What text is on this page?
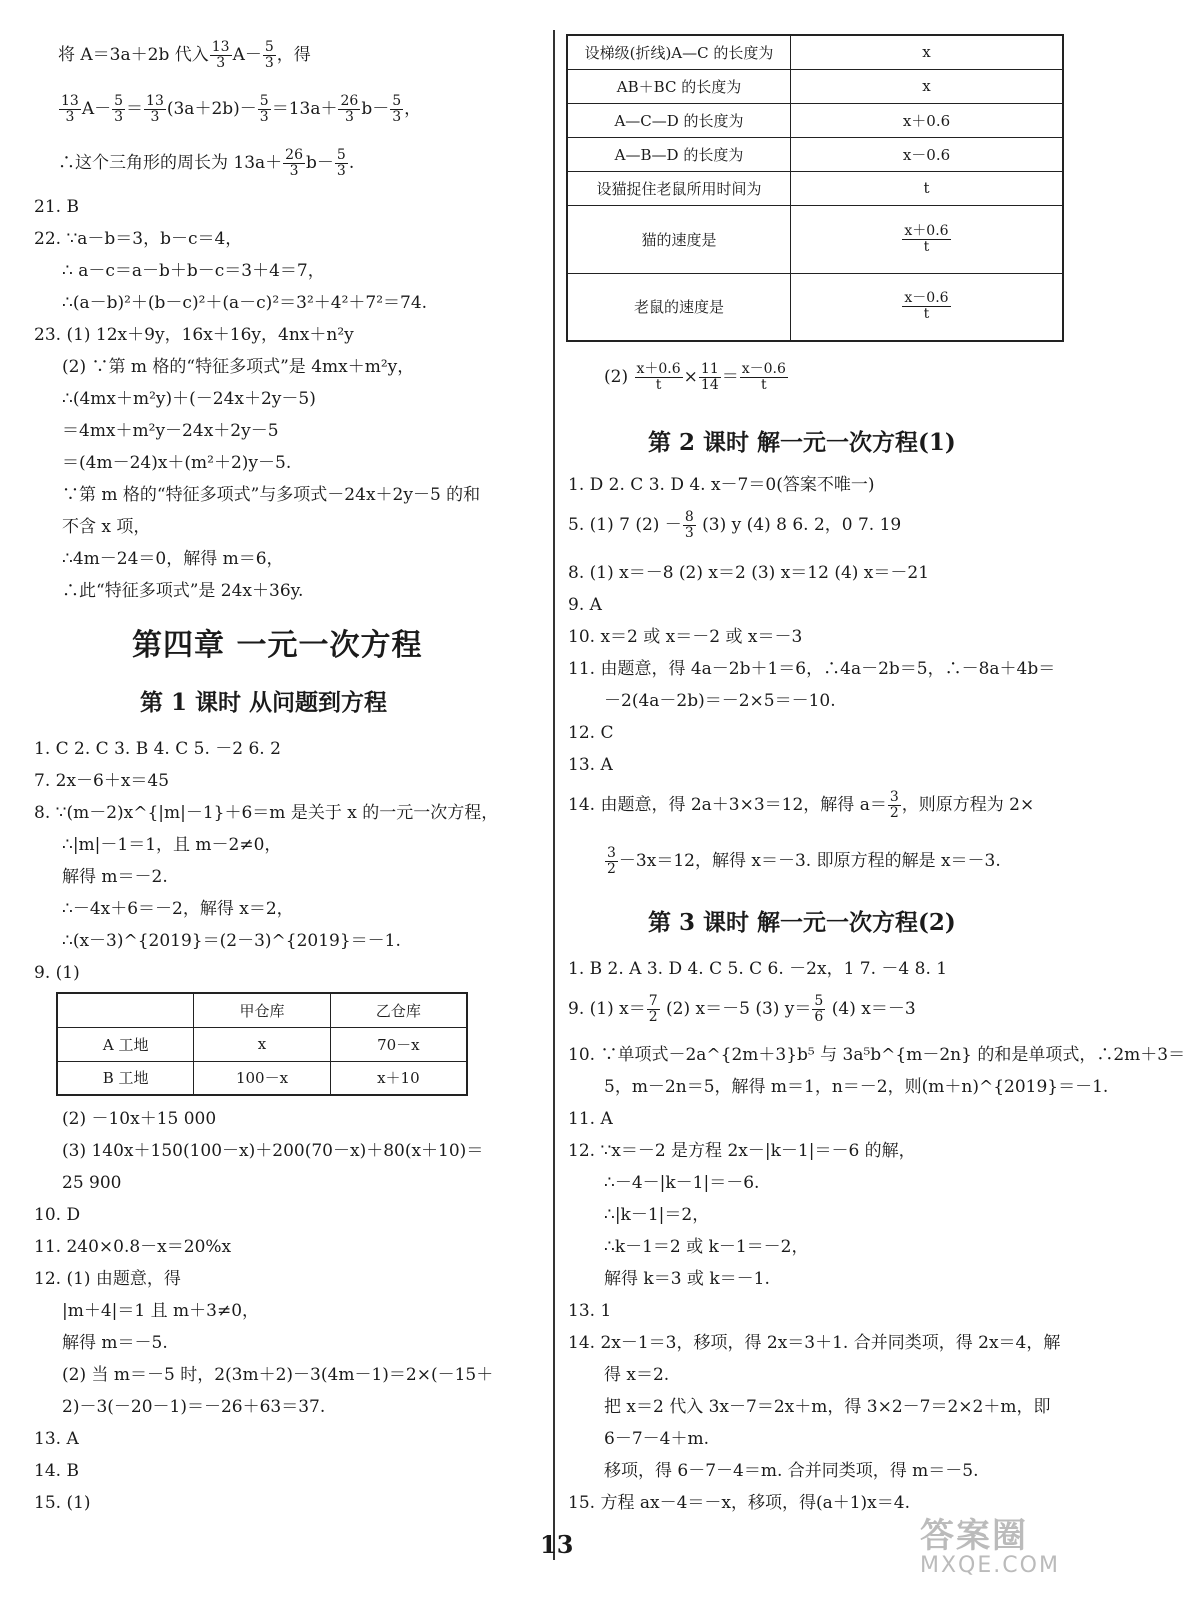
将 A＝3a＋2b 代入 $\frac{13}{3} A- \frac{5}{3}$ ，得
$\frac{13}{3} A- \frac{5}{3} = \frac{13}{3} (3a+2b)- \frac{5}{3} =13a+ \frac{26}{3} b- \frac{5}{3}$ ，
∴这个三角形的周长为 $13a+ \frac{26}{3} b- \frac{5}{3}$ .
21. B
22. ∵a－b＝3，b－c＝4，
∴ a－c＝a－b＋b－c＝3＋4＝7，
∴(a－b)²＋(b－c)²＋(a－c)²＝3²＋4²＋7²＝74.
23. (1) 12x＋9y，16x＋16y，4nx＋n²y
(2) ∵第 m 格的“特征多项式”是 4mx＋m²y，
∴(4mx＋m²y)＋(－24x＋2y－5)
＝4mx＋m²y－24x＋2y－5
＝(4m－24)x＋(m²＋2)y－5.
∵第 m 格的“特征多项式”与多项式－24x＋2y－5 的和
不含 x 项，
∴4m－24＝0，解得 m＝6，
∴此“特征多项式”是 24x＋36y.
第四章 一元一次方程
第 1 课时 从问题到方程
1. C 2. C 3. B 4. C 5. －2 6. 2
7. 2x－6＋x＝45
8. ∵(m－2)x^{|m|－1}＋6＝m 是关于 x 的一元一次方程，
∴|m|－1＝1，且 m－2≠0，
解得 m＝－2.
∴－4x＋6＝－2，解得 x＝2，
∴(x－3)^{2019}＝(2－3)^{2019}＝－1.
9. (1)
	甲仓库	乙仓库
A 工地	x	70－x
B 工地	100－x	x＋10
(2) －10x＋15 000
(3) 140x＋150(100－x)＋200(70－x)＋80(x＋10)＝
25 900
10. D
11. 240×0.8－x＝20%x
12. (1) 由题意，得
|m＋4|＝1 且 m＋3≠0，
解得 m＝－5.
(2) 当 m＝－5 时，2(3m＋2)－3(4m－1)＝2×(－15＋
2)－3(－20－1)＝－26＋63＝37.
13. A
14. B
15. (1)
设梯级(折线)A—C 的长度为	x
AB＋BC 的长度为	x
A—C—D 的长度为	x＋0.6
A—B—D 的长度为	x－0.6
设猫捉住老鼠所用时间为	t
猫的速度是	$\frac{x+0.6}{t}$

老鼠的速度是	$\frac{x-0.6}{t}$
$(2) \frac{x+0.6}{t} \times \frac{11}{14} = \frac{x-0.6}{t}$
第 2 课时 解一元一次方程(1)
1. D 2. C 3. D 4. x－7＝0(答案不唯一)
5. (1) 7 $(2) - \frac{8}{3} (3)$ y (4) 8 6. 2，0 7. 19
8. (1) x＝－8 (2) x＝2 (3) x＝12 (4) x＝－21
9. A
10. x＝2 或 x＝－2 或 x＝－3
11. 由题意，得 4a－2b＋1＝6，∴4a－2b＝5，∴－8a＋4b＝
－2(4a－2b)＝－2×5＝－10.
12. C
13. A
14. 由题意，得 2a＋3×3＝12，解得 $a= \frac{3}{2}$ ，则原方程为 2×
$\frac{3}{2} -3x=12$，解得 x＝－3. 即原方程的解是 x＝－3.
第 3 课时 解一元一次方程(2)
1. B 2. A 3. D 4. C 5. C 6. －2x，1 7. －4 8. 1
9. (1) $x= \frac{7}{2} (2)$ x＝－5 (3) $y= \frac{5}{6} (4)$ x＝－3
10. ∵单项式－2a^{2m＋3}b⁵ 与 3a⁵b^{m－2n} 的和是单项式，∴2m＋3＝
5，m－2n＝5，解得 m＝1，n＝－2，则(m＋n)^{2019}＝－1.
11. A
12. ∵x＝－2 是方程 2x－|k－1|＝－6 的解，
∴－4－|k－1|＝－6.
∴|k－1|＝2，
∴k－1＝2 或 k－1＝－2，
解得 k＝3 或 k＝－1.
13. 1
14. 2x－1＝3，移项，得 2x＝3＋1. 合并同类项，得 2x＝4，解
得 x＝2.
把 x＝2 代入 3x－7＝2x＋m，得 3×2－7＝2×2＋m，即
6－7－4＋m.
移项，得 6－7－4＝m. 合并同类项，得 m＝－5.
15. 方程 ax－4＝－x，移项，得(a＋1)x＝4.
13	答案圈
MXQE.COM
